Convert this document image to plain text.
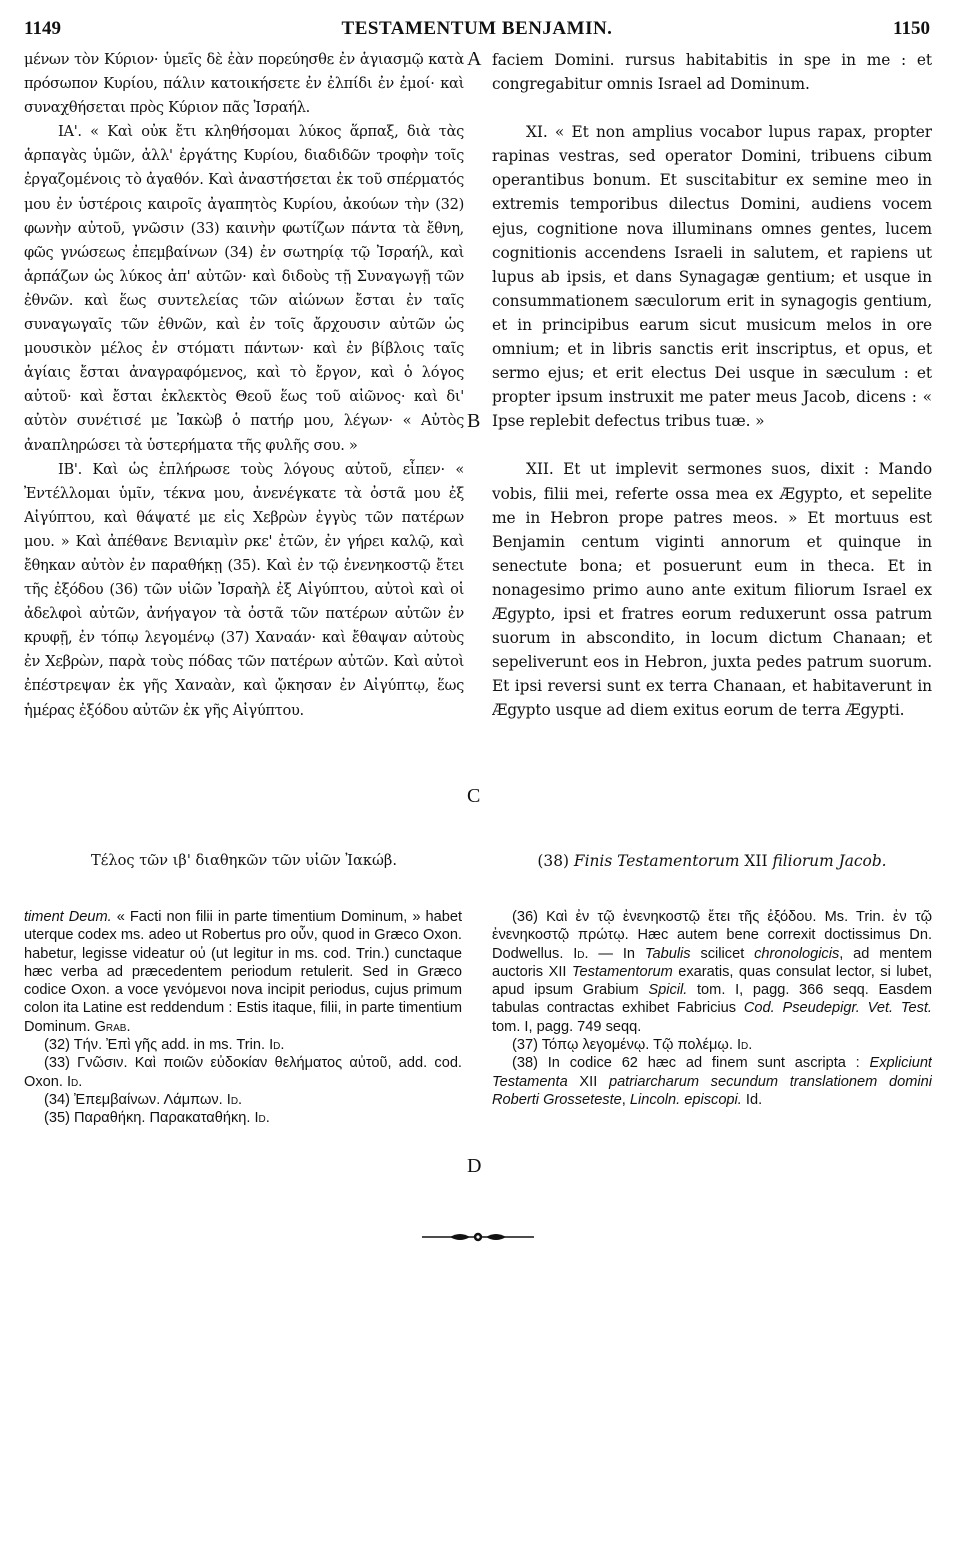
1149	TESTAMENTUM BENJAMIN.	1150

μένων τὸν Κύριον· ὑμεῖς δὲ ἐὰν πορεύησθε ἐν ἁγιασμῷ κατὰ πρόσωπον Κυρίου, πάλιν κατοικήσετε ἐν ἐλπίδι ἐν ἐμοί· καὶ συναχθήσεται πρὸς Κύριον πᾶς Ἰσραήλ.

ΙΑ'. « Καὶ οὐκ ἔτι κληθήσομαι λύκος ἅρπαξ, διὰ τὰς ἁρπαγὰς ὑμῶν, ἀλλ' ἐργάτης Κυρίου, διαδιδῶν τροφὴν τοῖς ἐργαζομένοις τὸ ἀγαθόν. Καὶ ἀναστήσεται ἐκ τοῦ σπέρματός μου ἐν ὑστέροις καιροῖς ἀγαπητὸς Κυρίου, ἀκούων τὴν (32) φωνὴν αὐτοῦ, γνῶσιν (33) καινὴν φωτίζων πάντα τὰ ἔθνη, φῶς γνώσεως ἐπεμβαίνων (34) ἐν σωτηρίᾳ τῷ Ἰσραήλ, καὶ ἁρπάζων ὡς λύκος ἀπ' αὐτῶν· καὶ διδοὺς τῇ Συναγωγῇ τῶν ἐθνῶν. καὶ ἕως συντελείας τῶν αἰώνων ἔσται ἐν ταῖς συναγωγαῖς τῶν ἐθνῶν, καὶ ἐν τοῖς ἄρχουσιν αὐτῶν ὡς μουσικὸν μέλος ἐν στόματι πάντων· καὶ ἐν βίβλοις ταῖς ἁγίαις ἔσται ἀναγραφόμενος, καὶ τὸ ἔργον, καὶ ὁ λόγος αὐτοῦ· καὶ ἔσται ἐκλεκτὸς Θεοῦ ἕως τοῦ αἰῶνος· καὶ δι' αὐτὸν συνέτισέ με Ἰακὼβ ὁ πατήρ μου, λέγων· « Αὐτὸς ἀναπληρώσει τὰ ὑστερήματα τῆς φυλῆς σου. »

ΙΒ'. Καὶ ὡς ἐπλήρωσε τοὺς λόγους αὐτοῦ, εἶπεν· « Ἐντέλλομαι ὑμῖν, τέκνα μου, ἀνενέγκατε τὰ ὀστᾶ μου ἐξ Αἰγύπτου, καὶ θάψατέ με εἰς Χεβρὼν ἐγγὺς τῶν πατέρων μου. » Καὶ ἀπέθανε Βενιαμὶν ρκε' ἐτῶν, ἐν γήρει καλῷ, καὶ ἔθηκαν αὐτὸν ἐν παραθήκῃ (35). Καὶ ἐν τῷ ἐνενηκοστῷ ἔτει τῆς ἐξόδου (36) τῶν υἱῶν Ἰσραὴλ ἐξ Αἰγύπτου, αὐτοὶ καὶ οἱ ἀδελφοὶ αὐτῶν, ἀνήγαγον τὰ ὀστᾶ τῶν πατέρων αὐτῶν ἐν κρυφῇ, ἐν τόπῳ λεγομένῳ (37) Χαναάν· καὶ ἔθαψαν αὐτοὺς ἐν Χεβρὼν, παρὰ τοὺς πόδας τῶν πατέρων αὐτῶν. Καὶ αὐτοὶ ἐπέστρεψαν ἐκ γῆς Χαναὰν, καὶ ᾤκησαν ἐν Αἰγύπτῳ, ἕως ἡμέρας ἐξόδου αὐτῶν ἐκ γῆς Αἰγύπτου.

faciem Domini. rursus habitabitis in spe in me : et congregabitur omnis Israel ad Dominum.

XI. « Et non amplius vocabor lupus rapax, propter rapinas vestras, sed operator Domini, tribuens cibum operantibus bonum. Et suscitabitur ex semine meo in extremis temporibus dilectus Domini, audiens vocem ejus, cognitione nova illuminans omnes gentes, lucem cognitionis accendens Israeli in salutem, et rapiens ut lupus ab ipsis, et dans Synagagæ gentium; et usque in consummationem sæculorum erit in synagogis gentium, et in principibus earum sicut musicum melos in ore omnium; et in libris sanctis erit inscriptus, et opus, et sermo ejus; et erit electus Dei usque in sæculum : et propter ipsum instruxit me pater meus Jacob, dicens : « Ipse replebit defectus tribus tuæ. »

XII. Et ut implevit sermones suos, dixit : Mando vobis, filii mei, referte ossa mea ex Ægypto, et sepelite me in Hebron prope patres meos. » Et mortuus est Benjamin centum viginti annorum et quinque in senectute bona; et posuerunt eum in theca. Et in nonagesimo primo auno ante exitum filiorum Israel ex Ægypto, ipsi et fratres eorum reduxerunt ossa patrum suorum in abscondito, in locum dictum Chanaan; et sepeliverunt eos in Hebron, juxta pedes patrum suorum. Et ipsi reversi sunt ex terra Chanaan, et habitaverunt in Ægypto usque ad diem exitus eorum de terra Ægypti.

A
B
C
D
Τέλος τῶν ιβ' διαθηκῶν τῶν υἱῶν Ἰακώβ.	(38) Finis Testamentorum XII filiorum Jacob.

timent Deum. « Facti non filii in parte timentium Dominum, » habet uterque codex ms. adeo ut Robertus pro οὖν, quod in Græco Oxon. habetur, legisse videatur οὐ (ut legitur in ms. cod. Trin.) cunctaque hæc verba ad præcedentem periodum retulerit. Sed in Græco codice Oxon. a voce γενόμενοι nova incipit periodus, cujus primum colon ita Latine est reddendum : Estis itaque, filii, in parte timentium Dominum. Grab.

(32) Τήν. Ἐπὶ γῆς add. in ms. Trin. Id.

(33) Γνῶσιν. Καὶ ποιῶν εὐδοκίαν θελήματος αὐτοῦ, add. cod. Oxon. Id.

(34) Ἐπεμβαίνων. Λάμπων. Id.

(35) Παραθήκη. Παρακαταθήκη. Id.

(36) Καὶ ἐν τῷ ἐνενηκοστῷ ἔτει τῆς ἐξόδου. Ms. Trin. ἐν τῷ ἐνενηκοστῷ πρώτῳ. Hæc autem bene correxit doctissimus Dn. Dodwellus. Id. — In Tabulis scilicet chronologicis, ad mentem auctoris XII Testamentorum exaratis, quas consulat lector, si lubet, apud ipsum Grabium Spicil. tom. I, pagg. 366 seqq. Easdem tabulas contractas exhibet Fabricius Cod. Pseudepigr. Vet. Test. tom. I, pagg. 749 seqq.

(37) Τόπῳ λεγομένῳ. Τῷ πολέμῳ. Id.

(38) In codice 62 hæc ad finem sunt ascripta : Expliciunt Testamenta XII patriarcharum secundum translationem domini Roberti Grosseteste, Lincoln. episcopi. Id.
